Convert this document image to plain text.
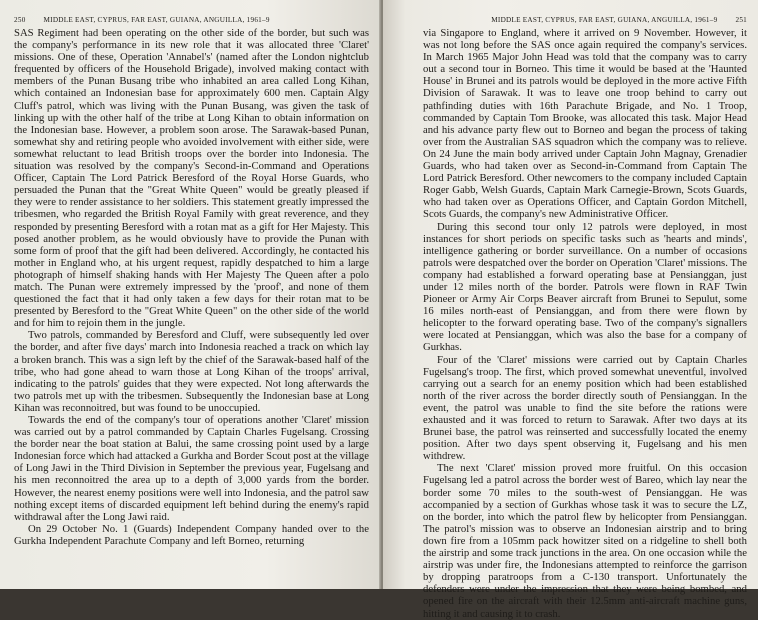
250	MIDDLE EAST, CYPRUS, FAR EAST, GUIANA, ANGUILLA, 1961–9

SAS Regiment had been operating on the other side of the border, but such was the company's performance in its new role that it was allocated three 'Claret' missions. One of these, Operation 'Annabel's' (named after the London nightclub frequented by officers of the Household Brigade), involved making contact with members of the Punan Busang tribe who inhabited an area called Long Kihan, which contained an Indonesian base for approximately 600 men. Captain Algy Cluff's patrol, which was living with the Punan Busang, was given the task of linking up with the other half of the tribe at Long Kihan to obtain information on the Indonesian base. However, a problem soon arose. The Sarawak-based Punan, somewhat shy and retiring people who avoided involvement with either side, were somewhat reluctant to lead British troops over the border into Indonesia. The situation was resolved by the company's Second-in-Command and Operations Officer, Captain The Lord Patrick Beresford of the Royal Horse Guards, who persuaded the Punan that the "Great White Queen" would be greatly pleased if they were to render assistance to her soldiers. This statement greatly impressed the tribesmen, who regarded the British Royal Family with great reverence, and they responded by presenting Beresford with a rotan mat as a gift for Her Majesty. This posed another problem, as he would obviously have to provide the Punan with some form of proof that the gift had been delivered. Accordingly, he contacted his mother in England who, at his urgent request, rapidly despatched to him a large photograph of himself shaking hands with Her Majesty The Queen after a polo match. The Punan were extremely impressed by the 'proof', and none of them questioned the fact that it had only taken a few days for their rotan mat to be presented by Beresford to the "Great White Queen" on the other side of the world and for him to rejoin them in the jungle.

Two patrols, commanded by Beresford and Cluff, were subsequently led over the border, and after five days' march into Indonesia reached a track on which lay a broken branch. This was a sign left by the chief of the Sarawak-based half of the tribe, who had gone ahead to warn those at Long Kihan of the troops' arrival, indicating to the patrols' guides that they were expected. Not long afterwards the two patrols met up with the tribesmen. Subsequently the Indonesian base at Long Kihan was reconnoitred, but was found to be unoccupied.

Towards the end of the company's tour of operations another 'Claret' mission was carried out by a patrol commanded by Captain Charles Fugelsang. Crossing the border near the boat station at Balui, the same crossing point used by a large Indonesian force which had attacked a Gurkha and Border Scout post at the village of Long Jawi in the Third Division in September the previous year, Fugelsang and his men reconnoitred the area up to a depth of 3,000 yards from the border. However, the nearest enemy positions were well into Indonesia, and the patrol saw nothing except items of discarded equipment left behind during the enemy's rapid withdrawal after the Long Jawi raid.

On 29 October No. 1 (Guards) Independent Company handed over to the Gurkha Independent Parachute Company and left Borneo, returning

MIDDLE EAST, CYPRUS, FAR EAST, GUIANA, ANGUILLA, 1961–9	251

via Singapore to England, where it arrived on 9 November. However, it was not long before the SAS once again required the company's services. In March 1965 Major John Head was told that the company was to carry out a second tour in Borneo. This time it would be based at the 'Haunted House' in Brunei and its patrols would be deployed in the more active Fifth Division of Sarawak. It was to leave one troop behind to carry out pathfinding duties with 16th Parachute Brigade, and No. 1 Troop, commanded by Captain Tom Brooke, was allocated this task. Major Head and his advance party flew out to Borneo and began the process of taking over from the Australian SAS squadron which the company was to relieve. On 24 June the main body arrived under Captain John Magnay, Grenadier Guards, who had taken over as Second-in-Command from Captain The Lord Patrick Beresford. Other newcomers to the company included Captain Roger Gabb, Welsh Guards, Captain Mark Carnegie-Brown, Scots Guards, who had taken over as Operations Officer, and Captain Gordon Mitchell, Scots Guards, the company's new Administrative Officer.

During this second tour only 12 patrols were deployed, in most instances for short periods on specific tasks such as 'hearts and minds', intelligence gathering or border surveillance. On a number of occasions patrols were despatched over the border on Operation 'Claret' missions. The company had established a forward operating base at Pensianggan, just under 12 miles north of the border. Patrols were flown in RAF Twin Pioneer or Army Air Corps Beaver aircraft from Brunei to Sepulut, some 16 miles north-east of Pensianggan, and from there were flown by helicopter to the forward operating base. Two of the company's signallers were located at Pensianggan, which was also the base for a company of Gurkhas.

Four of the 'Claret' missions were carried out by Captain Charles Fugelsang's troop. The first, which proved somewhat uneventful, involved carrying out a search for an enemy position which had been established north of the river across the border directly south of Pensianggan. In the event, the patrol was unable to find the site before the rations were exhausted and it was forced to return to Sarawak. After two days at its Brunei base, the patrol was reinserted and successfully located the enemy position. After two days spent observing it, Fugelsang and his men withdrew.

The next 'Claret' mission proved more fruitful. On this occasion Fugelsang led a patrol across the border west of Bareo, which lay near the border some 70 miles to the south-west of Pensianggan. He was accompanied by a section of Gurkhas whose task it was to secure the LZ, on the border, into which the patrol flew by helicopter from Pensianggan. The patrol's mission was to observe an Indonesian airstrip and to bring down fire from a 105mm pack howitzer sited on a ridgeline to shell both the airstrip and some track junctions in the area. On one occasion while the airstrip was under fire, the Indonesians attempted to reinforce the garrison by dropping paratroops from a C-130 transport. Unfortunately the defenders were under the impression that they were being bombed, and opened fire on the aircraft with their 12.5mm anti-aircraft machine guns, hitting it and causing it to crash.
